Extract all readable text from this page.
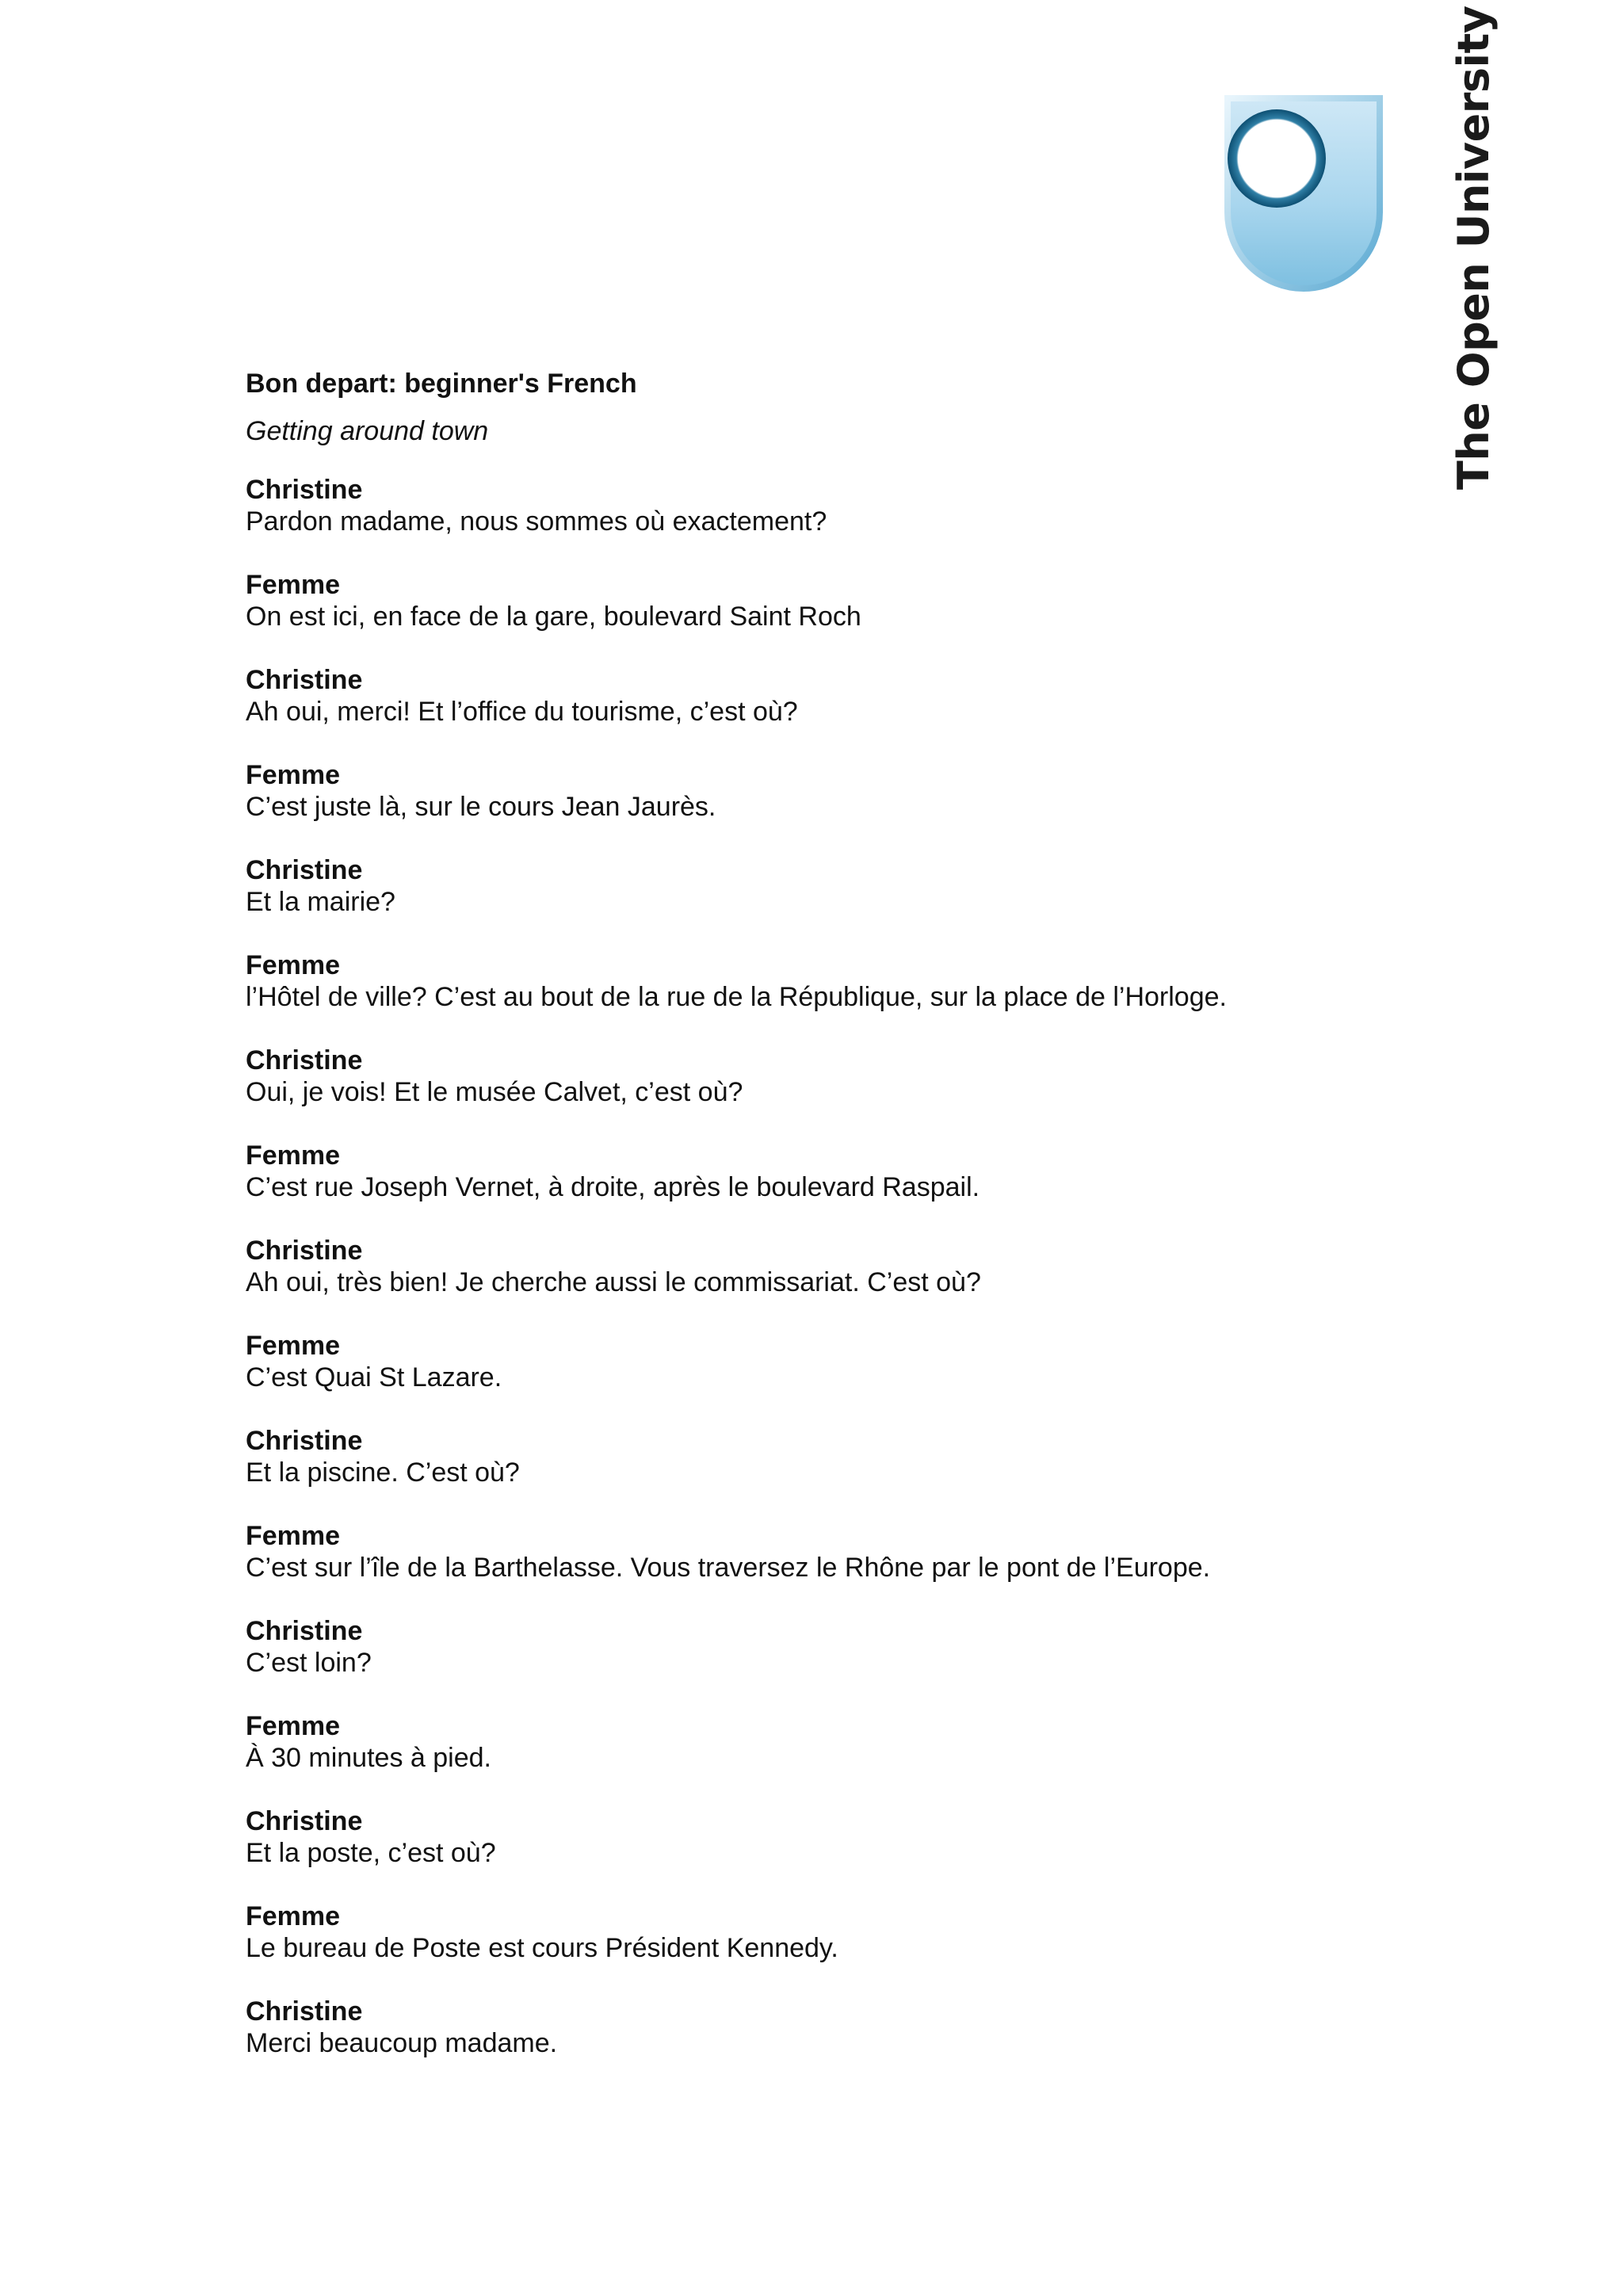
The Open University

Bon depart: beginner's French

Getting around town

Christine

Pardon madame, nous sommes où exactement?

Femme

On est ici, en face de la gare, boulevard Saint Roch

Christine

Ah oui, merci! Et l’office du tourisme, c’est où?

Femme

C’est juste là, sur le cours Jean Jaurès.

Christine

Et la mairie?

Femme

l’Hôtel de ville? C’est au bout de la rue de la République, sur la place de l’Horloge.

Christine

Oui, je vois! Et le musée Calvet, c’est où?

Femme

C’est rue Joseph Vernet, à droite, après le boulevard Raspail.

Christine

Ah oui, très bien! Je cherche aussi le commissariat. C’est où?

Femme

C’est Quai St Lazare.

Christine

Et la piscine. C’est où?

Femme

C’est sur l’île de la Barthelasse. Vous traversez le Rhône par le pont de l’Europe.

Christine

C’est loin?

Femme

À 30 minutes à pied.

Christine

Et la poste, c’est où?

Femme

Le bureau de Poste est cours Président Kennedy.

Christine

Merci beaucoup madame.
